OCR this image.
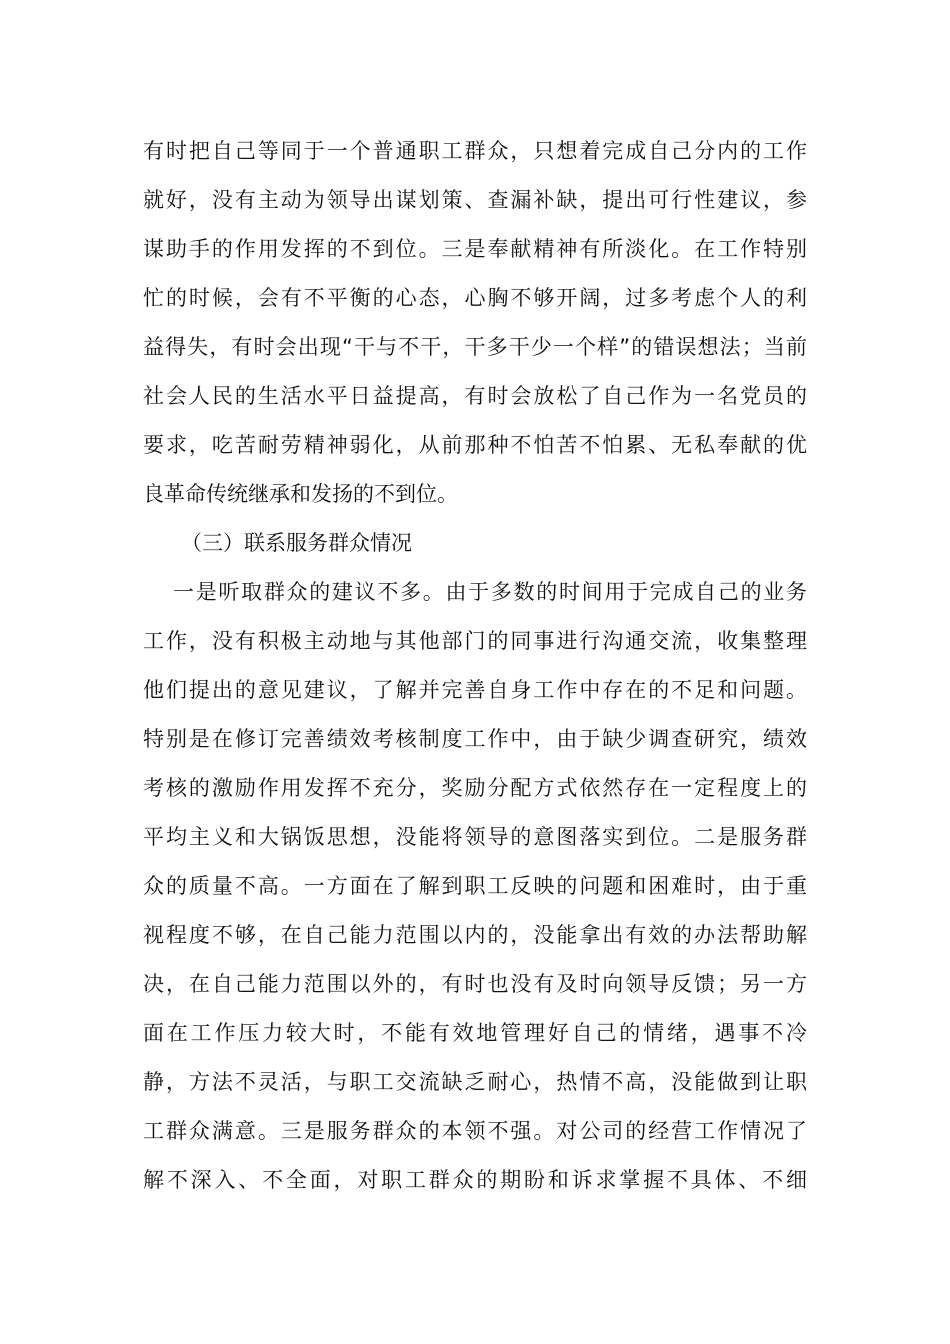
有时把自己等同于一个普通职工群众，只想着完成自己分内的工作
就好，没有主动为领导出谋划策、查漏补缺，提出可行性建议，参
谋助手的作用发挥的不到位。三是奉献精神有所淡化。在工作特别
忙的时候，会有不平衡的心态，心胸不够开阔，过多考虑个人的利
益得失，有时会出现“干与不干，干多干少一个样”的错误想法；当前
社会人民的生活水平日益提高，有时会放松了自己作为一名党员的
要求，吃苦耐劳精神弱化，从前那种不怕苦不怕累、无私奉献的优
良革命传统继承和发扬的不到位。
（三）联系服务群众情况
一是听取群众的建议不多。由于多数的时间用于完成自己的业务
工作，没有积极主动地与其他部门的同事进行沟通交流，收集整理
他们提出的意见建议，了解并完善自身工作中存在的不足和问题。
特别是在修订完善绩效考核制度工作中，由于缺少调查研究，绩效
考核的激励作用发挥不充分，奖励分配方式依然存在一定程度上的
平均主义和大锅饭思想，没能将领导的意图落实到位。二是服务群
众的质量不高。一方面在了解到职工反映的问题和困难时，由于重
视程度不够，在自己能力范围以内的，没能拿出有效的办法帮助解
决，在自己能力范围以外的，有时也没有及时向领导反馈；另一方
面在工作压力较大时，不能有效地管理好自己的情绪，遇事不冷
静，方法不灵活，与职工交流缺乏耐心，热情不高，没能做到让职
工群众满意。三是服务群众的本领不强。对公司的经营工作情况了
解不深入、不全面，对职工群众的期盼和诉求掌握不具体、不细
